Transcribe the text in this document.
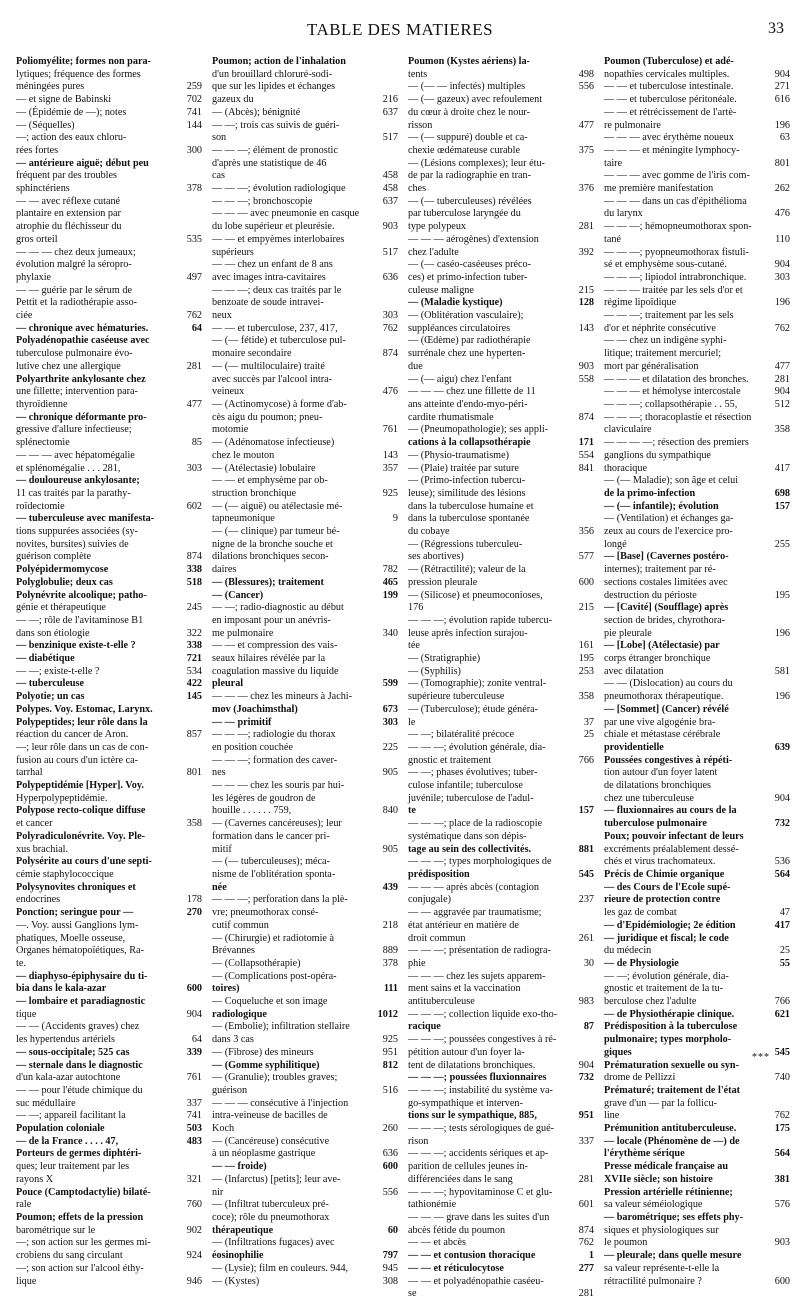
TABLE DES MATIERES	33
Poliomyélite; formes non para-
lytiques; fréquence des formes
méningées pures	259
— et signe de Babinski	702
— (Épidémie de —); notes	741
— (Séquelles)	144
—; action des eaux chloru-
rées fortes	300
— antérieure aiguë; début peu
fréquent par des troubles
sphinctériens	378
— — avec réflexe cutané
plantaire en extension par
atrophie du fléchisseur du
gros orteil	535
— — — chez deux jumeaux;
évolution malgré la séropro-
phylaxie	497
— — guérie par le sérum de
Pettit et la radiothérapie asso-
ciée	762
— chronique avec hématuries.	64
Polyadénopathie caséeuse avec
tuberculose pulmonaire évo-
lutive chez une allergique	281
Polyarthrite ankylosante chez
une fillette; intervention para-
thyroïdienne	477
— chronique déformante pro-
gressive d'allure infectieuse;
splénectomie	85
— — — avec hépatomégalie
et splénomégalie . . . 281,	303
— douloureuse ankylosante;
11 cas traités par la parathy-
roïdectomie	602
— tuberculeuse avec manifesta-
tions suppurées associées (sy-
novites, bursites) suivies de
guérison complète	874
Polyépidermomycose	338
Polyglobulie; deux cas	518
Polynévrite alcoolique; patho-
génie et thérapeutique	245
— —; rôle de l'avitaminose B1
dans son étiologie	322
— benzinique existe-t-elle ?	338
— diabétique	721
— —; existe-t-elle ?	534
— tuberculeuse	422
Polyotie; un cas	145
Polypes. Voy. Estomac, Larynx.
Polypeptides; leur rôle dans la
réaction du cancer de Aron.	857
—; leur rôle dans un cas de con-
fusion au cours d'un ictère ca-
tarrhal	801
Polypeptidémie [Hyper]. Voy.
Hyperpolypeptidémie.
Polypose recto-colique diffuse
et cancer	358
Polyradiculonévrite. Voy. Ple-
xus brachial.
Polysérite au cours d'une septi-
cémie staphylococcique
Polysynovites chroniques et
endocrines	178
Ponction; seringue pour —	270
—. Voy. aussi Ganglions lym-
phatiques, Moelle osseuse,
Organes hématopoïétiques, Ra-
te.
— diaphyso-épiphysaire du ti-
bia dans le kala-azar	600
— lombaire et paradiagnostic
tique	904
— — (Accidents graves) chez
les hypertendus artériels	64
— sous-occipitale; 525 cas	339
— sternale dans le diagnostic
d'un kala-azar autochtone	761
— — pour l'étude chimique du
suc médullaire	337
— —; appareil facilitant la	741
Population coloniale	503
— de la France . . . . 47,	483
Porteurs de germes diphtéri-
ques; leur traitement par les
rayons X	321
Pouce (Camptodactylie) bilaté-
rale	760
Poumon; effets de la pression
barométrique sur le	902
—; son action sur les germes mi-
crobiens du sang circulant	924
—; son action sur l'alcool éthy-
lique	946
Poumon; action de l'inhalation
d'un brouillard chloruré-sodi-
que sur les lipides et échanges
gazeux du	216
— (Abcès); bénignité	637
— —; trois cas suivis de guéri-
son	517
— — —; élément de pronostic
d'après une statistique de 46
cas	458
— — —; évolution radiologique	458
— — —; bronchoscopie	637
— — — avec pneumonie en casque
du lobe supérieur et pleurésie.	903
— — et empyèmes interlobaires
supérieurs	517
— — chez un enfant de 8 ans
avec images intra-cavitaires	636
— — —; deux cas traités par le
benzoate de soude intravei-
neux	303
— — et tuberculose, 237, 417,	762
— (— fétide) et tuberculose pul-
monaire secondaire	874
— (— multiloculaire) traité
avec succès par l'alcool intra-
veineux	476
— (Actinomycose) à forme d'ab-
cès aigu du poumon; pneu-
motomie	761
— (Adénomatose infectieuse)
chez le mouton	143
— (Atélectasie) lobulaire	357
— — et emphysème par ob-
struction bronchique	925
— (— aiguë) ou atélectasie mé-
tapneumonique	9
— (— clinique) par tumeur bé-
nigne de la bronche souche et
dilations bronchiques secon-
daires	782
— (Blessures); traitement	465
— (Cancer)	199
— —; radio-diagnostic au début
en imposant pour un anévris-
me pulmonaire	340
— — et compression des vais-
seaux hilaires révélée par la
coagulation massive du liquide
pleural	599
— — — chez les mineurs à Jachi-
mov (Joachimsthal)	673
— — primitif	303
— — —; radiologie du thorax
en position couchée	225
— — —; formation des caver-
nes	905
— — — chez les souris par hui-
les légères de goudron de
houille . . . . . . 759,	840
— (Cavernes cancéreuses); leur
formation dans le cancer pri-
mitif	905
— (— tuberculeuses); méca-
nisme de l'oblitération sponta-
née	439
— — —; perforation dans la plè-
vre; pneumothorax consé-
cutif commun	218
— (Chirurgie) et radiotomie à
Brévannes	889
— (Collapsothérapie)	378
— (Complications post-opéra-
toires)	111
— Coqueluche et son image
radiologique	1012
— (Embolie); infiltration stellaire
dans 3 cas	925
— (Fibrose) des mineurs	951
— (Gomme syphilitique)	812
— (Granulie); troubles graves;
guérison	516
— — — consécutive à l'injection
intra-veineuse de bacilles de
Koch	260
— (Cancéreuse) consécutive
à un néoplasme gastrique	636
— — froide)	600
— (Infarctus) [petits]; leur ave-
nir	556
— (Infiltrat tuberculeux pré-
coce); rôle du pneumothorax
thérapeutique	60
— (Infiltrations fugaces) avec
éosinophilie	797
— (Lysie); film en couleurs. 944,	945
— (Kystes)	308
Poumon (Kystes aériens) la-
tents	498
— (— — infectés) multiples	556
— (— gazeux) avec refoulement
du cœur à droite chez le nour-
risson	477
— (— suppuré) double et ca-
chexie œdémateuse curable	375
— (Lésions complexes); leur étu-
de par la radiographie en tran-
ches	376
— (— tuberculeuses) révélées
par tuberculose laryngée du
type polypeux	281
— — — aérogènes) d'extension
chez l'adulte	392
— (— caséo-caséeuses préco-
ces) et primo-infection tuber-
culeuse maligne	215
— (Maladie kystique)	128
— (Oblitération vasculaire);
suppléances circulatoires	143
— (Œdème) par radiothérapie
surrénale chez une hyperten-
due	903
— (— aigu) chez l'enfant	558
— — — chez une fillette de 11
ans atteinte d'endo-myo-péri-
cardite rhumatismale	874
— (Pneumopathologie); ses appli-
cations à la collapsothérapie	171
— (Physio-traumatisme)	554
— (Plaie) traitée par suture	841
— (Primo-infection tubercu-
leuse); similitude des lésions
dans la tuberculose humaine et
dans la tuberculose spontanée
du cobaye	356
— (Régressions tuberculeu-
ses abortives)	577
— (Rétractilité); valeur de la
pression pleurale	600
— (Silicose) et pneumoconioses,
176	215
— — —; évolution rapide tubercu-
leuse après infection surajou-
tée	161
— (Stratigraphie)	195
— (Syphilis)	253
— (Tomographie); zonite ventral-
supérieure tuberculeuse	358
— (Tuberculose); étude généra-
le	37
— —; bilatéralité précoce	25
— — —; évolution générale, dia-
gnostic et traitement	766
— —; phases évolutives; tuber-
culose infantile; tuberculose
juvénile; tuberculose de l'adul-
te	157
— — —; place de la radioscopie
systématique dans son dépis-
tage au sein des collectivités.	881
— — —; types morphologiques de
prédisposition	545
— — — après abcès (contagion
conjugale)	237
— — aggravée par traumatisme;
état antérieur en matière de
droit commun	261
— — —; présentation de radiogra-
phie	30
— — — chez les sujets apparem-
ment sains et la vaccination
antituberculeuse	983
— — —; collection liquide exo-tho-
racique	87
— — —; poussées congestives à ré-
pétition autour d'un foyer la-
tent de dilatations bronchiques.	904
— — —; poussées fluxionnaires	732
— — —; instabilité du système va-
go-sympathique et interven-
tions sur le sympathique, 885,	951
— — —; tests sérologiques de gué-
rison	337
— — —; accidents sériques et ap-
parition de cellules jeunes in-
différenciées dans le sang	281
— — —; hypovitaminose C et glu-
tathionémie	601
— — — grave dans les suites d'un
abcès fétide du poumon	874
— — et abcès	762
— — et contusion thoracique	1
— — et réticulocytose	277
— — et polyadénopathie caséeu-
se	281
Poumon (Tuberculose) et adé-
nopathies cervicales multiples.	904
— — et tuberculose intestinale.	271
— — et tuberculose péritonéale.	616
— — et rétrécissement de l'artè-
re pulmonaire	196
— — — avec érythème noueux	63
— — — et méningite lymphocy-
taire	801
— — — avec gomme de l'iris com-
me première manifestation	262
— — — dans un cas d'épithélioma
du larynx	476
— — —; hémopneumothorax spon-
tané	110
— — —; pyopneumothorax fistuli-
sé et emphysème sous-cutané.	904
— — —; lipiodol intrabronchique.	303
— — — traitée par les sels d'or et
régime lipoïdique	196
— — —; traitement par les sels
d'or et néphrite consécutive	762
— — chez un indigène syphi-
litique; traitement mercuriel;
mort par généralisation	477
— — — et dilatation des bronches.	281
— — — et hémolyse intercostale	904
— — —; collapsothérapie . . 55,	512
— — —; thoracoplastie et résection
claviculaire	358
— — — —; résection des premiers
ganglions du sympathique
thoracique	417
— (— Maladie); son âge et celui
de la primo-infection	698
— (— infantile); évolution	157
— (Ventilation) et échanges ga-
zeux au cours de l'exercice pro-
longé	255
— [Base] (Cavernes postéro-
internes); traitement par ré-
sections costales limitées avec
destruction du périoste	195
— [Cavité] (Soufflage) après
section de brides, chyrothora-
pie pleurale	196
— [Lobe] (Atélectasie) par
corps étranger bronchique
avec dilatation	581
— — (Dislocation) au cours du
pneumothorax thérapeutique.	196
— [Sommet] (Cancer) révélé
par une vive algogénie bra-
chiale et métastase cérébrale
providentielle	639
Poussées congestives à répéti-
tion autour d'un foyer latent
de dilatations bronchiques
chez une tuberculeuse	904
— fluxionnaires au cours de la
tuberculose pulmonaire	732
Poux; pouvoir infectant de leurs
excréments préalablement dessé-
chés et virus trachomateux.	536
Précis de Chimie organique	564
— des Cours de l'Ecole supé-
rieure de protection contre
les gaz de combat	47
— d'Epidémiologie; 2e édition	417
— juridique et fiscal; le code
du médecin	25
— de Physiologie	55
— —; évolution générale, dia-
gnostic et traitement de la tu-
berculose chez l'adulte	766
— de Physiothérapie clinique.	621
Prédisposition à la tuberculose
pulmonaire; types morpholo-
giques	545
Prématuration sexuelle ou syn-
drome de Pellizzi	740
Prématuré; traitement de l'état
grave d'un — par la follicu-
line	762
Prémunition antituberculeuse.	175
— locale (Phénomène de —) de
l'érythème sérique	564
Presse médicale française au
XVIIe siècle; son histoire	381
Pression artérielle rétinienne;
sa valeur séméiologique	576
— barométrique; ses effets phy-
siques et physiologiques sur
le poumon	903
— pleurale; dans quelle mesure
sa valeur représente-t-elle la
rétractilité pulmonaire ?	600
***
